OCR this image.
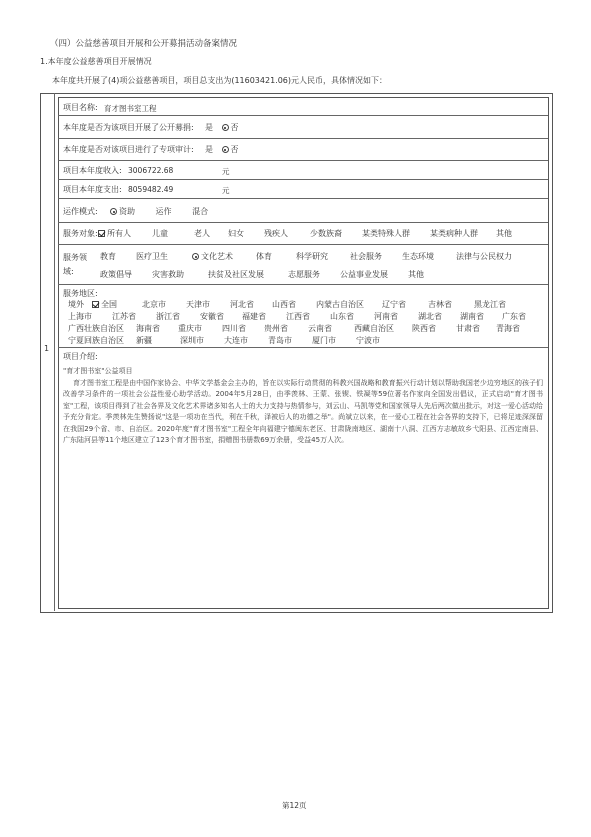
（四）公益慈善项目开展和公开募捐活动备案情况
1.本年度公益慈善项目开展情况
本年度共开展了(4)项公益慈善项目，项目总支出为(11603421.06)元人民币，具体情况如下：
1
项目名称: 育才图书室工程
本年度是否为该项目开展了公开募捐: 是 否
本年度是否对该项目进行了专项审计: 是 否
项目本年度收入: 3006722.68	元
项目本年度支出: 8059482.49	元
运作模式:	资助	运作	混合
服务对象:	所有人	儿童	老人	妇女	残疾人	少数族裔	某类特殊人群	某类病种人群	其他
服务领
域:
教育	医疗卫生	文化艺术	体育	科学研究	社会服务	生态环境	法律与公民权力
政策倡导	灾害救助	扶贫及社区发展	志愿服务	公益事业发展	其他
服务地区:
境外	全国	北京市	天津市	河北省	山西省	内蒙古自治区	辽宁省	吉林省	黑龙江省
上海市	江苏省	浙江省	安徽省	福建省	江西省	山东省	河南省	湖北省	湖南省	广东省
广西壮族自治区	海南省	重庆市	四川省	贵州省	云南省	西藏自治区	陕西省	甘肃省	青海省
宁夏回族自治区	新疆	深圳市	大连市	青岛市	厦门市	宁波市
项目介绍:
"育才图书室"公益项目
育才图书室工程是由中国作家协会、中华文学基金会主办的，旨在以实际行动贯彻的科教兴国战略和教育振兴行动计划以帮助我国老少边穷地区的孩子们改善学习条件的一项社会公益性爱心助学活动。2004年5月28日，由季羡林、王蒙、张锲、铁凝等59位著名作家向全国发出倡议，正式启动"育才图书室"工程，该项目得到了社会各界及文化艺术界诸多知名人士的大力支持与热情参与，刘云山、马凯等党和国家领导人先后两次做出批示，对这一爱心活动给予充分肯定。季羡林先生赞扬说"这是一项功在当代，利在千秋，泽被后人的功德之举"。尚斌立以来，在一爱心工程在社会各界的支持下，已将足迹深深留在我国29个省、市、自治区。2020年度"育才图书室"工程全年向福建宁德闽东老区、甘肃陇南地区、湖南十八洞、江西方志敏故乡弋阳县、江西定南县、广东陆河县等11个地区建立了123个育才图书室，捐赠图书册数69万余册，受益45万人次。
第12页
